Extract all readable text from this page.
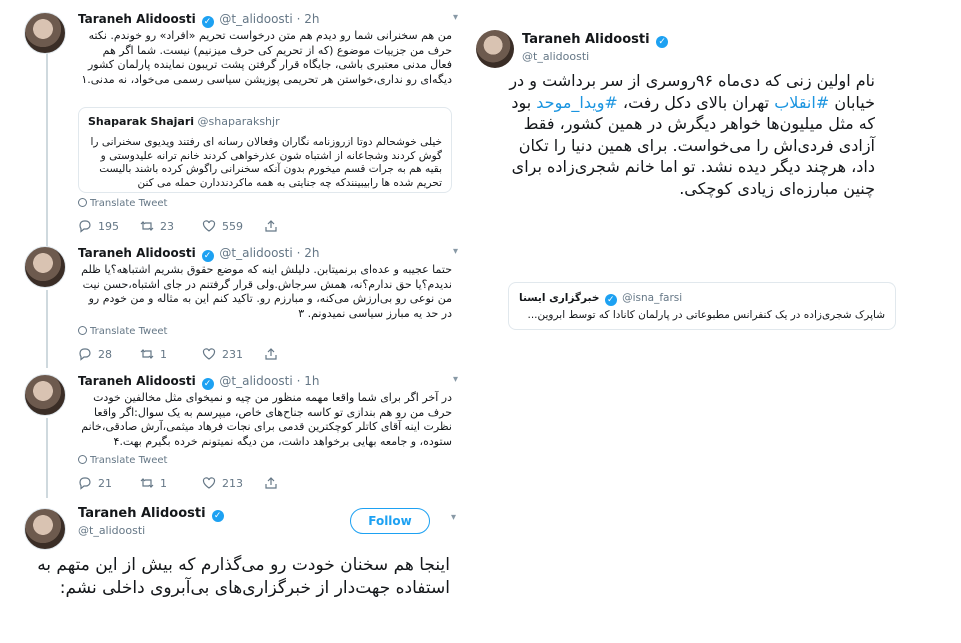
Taraneh Alidoosti ✓ @t_alidoosti · 2h	▾
من هم سخنرانی شما رو دیدم هم متن درخواست تحریم «افراد» رو خوندم. نکته حرف من جزییات موضوع (که از تحریم کی حرف میزنیم) نیست. شما اگر هم فعال مدنی معتبری باشی، جایگاه قرار گرفتن پشت تریبون نماینده پارلمان کشور دیگه‌ای رو نداری،خواستن هر تحریمی پوزیشن سیاسی رسمی می‌خواد، نه مدنی.۱
Shaparak Shajari @shaparakshjr
خیلی خوشحالم دوتا ازروزنامه نگاران وفعالان رسانه ای رفتند ویدیوی سخنرانی را گوش کردند وشجاعانه از اشتباه شون عذرخواهی کردند خانم ترانه علیدوستی و بقیه هم به جرات قسم میخورم بدون آنکه سخنرانی راگوش کرده باشند بالیست تحریم شده ها رابیبینندکه چه جنایتی به همه ماکردنددارن حمله می کنن
Translate Tweet
195	23	559
Taraneh Alidoosti ✓ @t_alidoosti · 2h	▾
حتما عجیبه و عده‌ای برنمیتابن. دلیلش اینه که موضع حقوق بشریم اشتباهه؟یا ظلم ندیدم؟یا حق ندارم؟نه، همش سرجاش.ولی قرار گرفتنم در جای اشتباه،حسن نیت من نوعی رو بی‌ارزش می‌کنه، و مبارزم رو. تاکید کنم این به مثاله و من خودم رو در حد یه مبارز سیاسی نمیدونم. ۳
Translate Tweet
28	1	231
Taraneh Alidoosti ✓ @t_alidoosti · 1h	▾
در آخر اگر برای شما واقعا مهمه منظور من چیه و نمیخوای مثل مخالفین خودت حرف من رو هم بندازی تو کاسه جناح‌های خاص، میپرسم به یک سوال:اگر واقعا نظرت اینه آقای کاتلر کوچکترین قدمی برای نجات فرهاد میثمی،آرش صادقی،خانم ستوده، و جامعه بهایی برخواهد داشت، من دیگه نمیتونم خرده بگیرم بهت.۴
Translate Tweet
21	1	213
Taraneh Alidoosti ✓
@t_alidoosti
Follow	▾
اینجا هم سخنان خودت رو می‌گذارم که بیش از این متهم به استفاده جهت‌دار از خبرگزاری‌های بی‌آبروی داخلی نشم:
Taraneh Alidoosti ✓
@t_alidoosti
نام اولین زنی که دی‌ماه ۹۶روسری از سر برداشت و در خیابان #انقلاب تهران بالای دکل رفت، #ویدا_موحد بود که مثل میلیون‌ها خواهر دیگرش در همین کشور، فقط آزادی فردی‌اش را می‌خواست. برای همین دنیا را تکان داد، هرچند دیگر دیده نشد. تو اما خانم شجری‌زاده برای چنین مبارزه‌ای زیادی کوچکی.
خبرگزاری ایسنا ✓ @isna_farsi
شاپرک شجری‌زاده در یک کنفرانس مطبوعاتی در پارلمان کانادا که توسط ابروین...
